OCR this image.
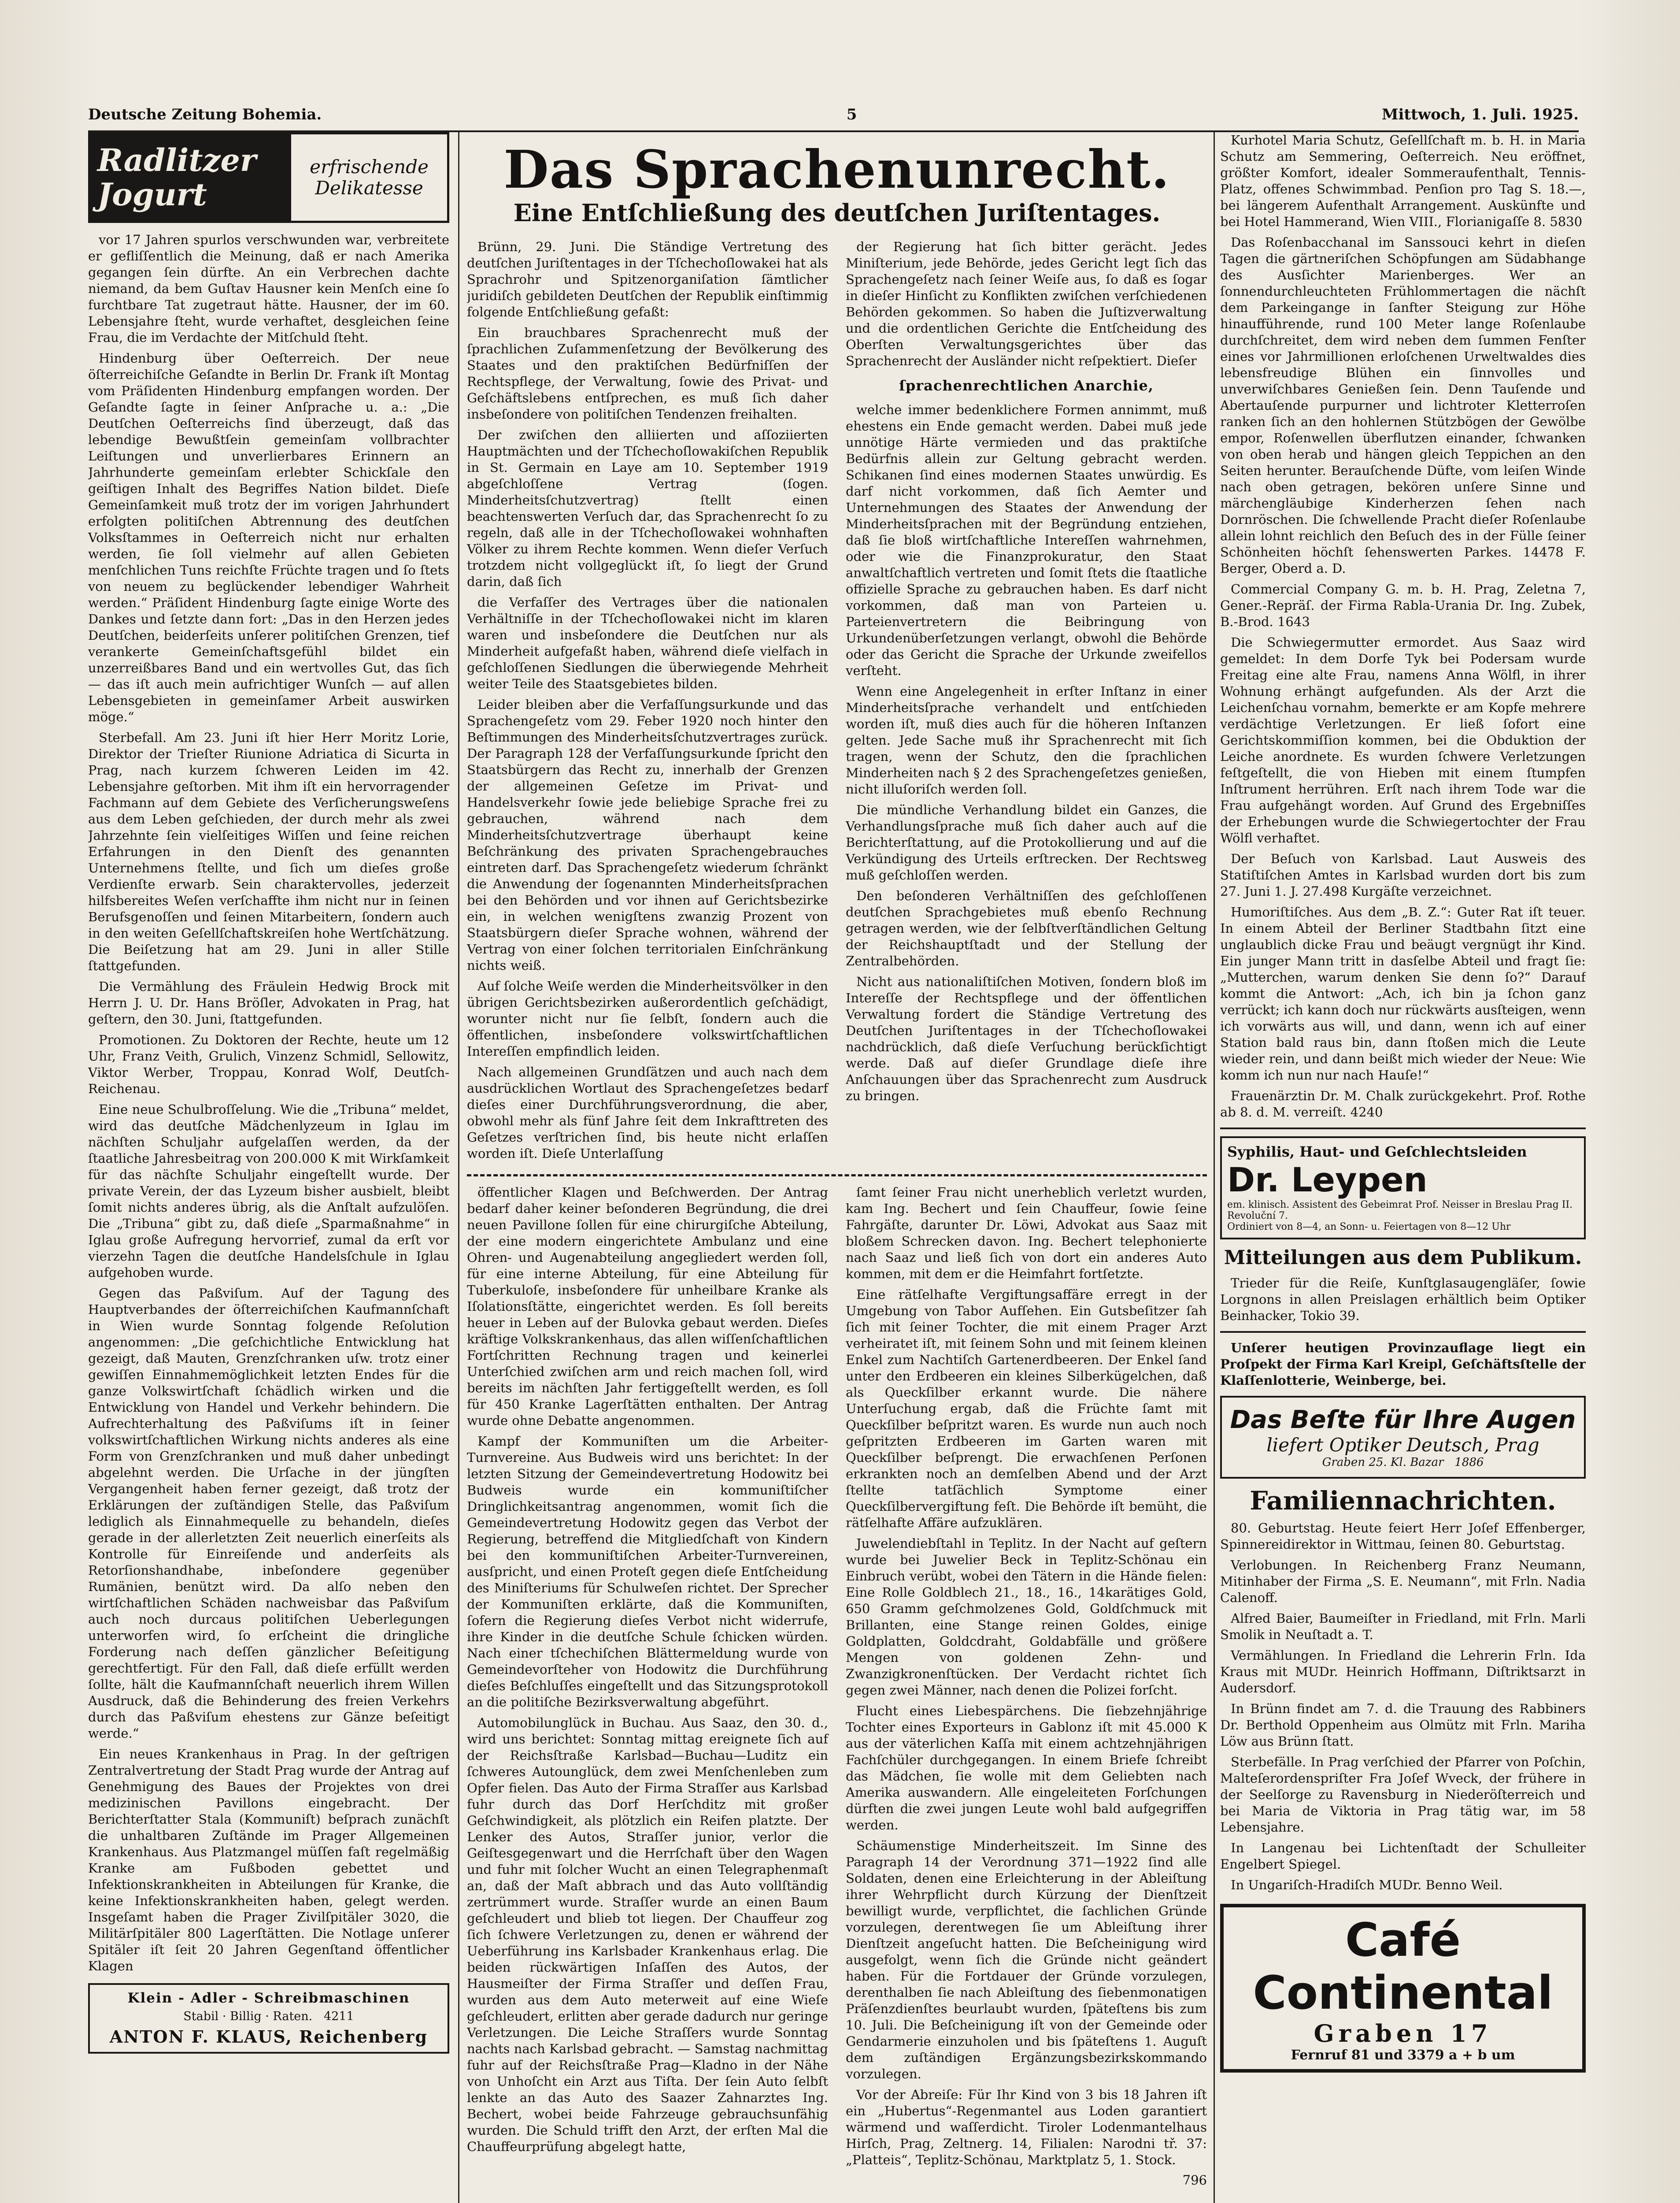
Deutsche Zeitung Bohemia.	5	Mittwoch, 1. Juli. 1925.
Radlitzer
Jogurt
erfrischende
Delikatesse

vor 17 Jahren spurlos verschwunden war, verbreitete er gefliſſentlich die Meinung, daß er nach Amerika gegangen ſein dürfte. An ein Verbrechen dachte niemand, da bem Guſtav Hausner kein Menſch eine ſo furchtbare Tat zugetraut hätte. Hausner, der im 60. Lebensjahre ſteht, wurde verhaftet, desgleichen ſeine Frau, die im Verdachte der Mitſchuld ſteht.

Hindenburg über Oeſterreich. Der neue öſterreichiſche Geſandte in Berlin Dr. Frank iſt Montag vom Präſidenten Hindenburg empfangen worden. Der Geſandte ſagte in ſeiner Anſprache u. a.: „Die Deutſchen Oeſterreichs ſind überzeugt, daß das lebendige Bewußtſein gemeinſam vollbrachter Leiſtungen und unverlierbares Erinnern an Jahrhunderte gemeinſam erlebter Schickſale den geiſtigen Inhalt des Begriffes Nation bildet. Dieſe Gemeinſamkeit muß trotz der im vorigen Jahrhundert erfolgten politiſchen Abtrennung des deutſchen Volksſtammes in Oeſterreich nicht nur erhalten werden, ſie ſoll vielmehr auf allen Gebieten menſchlichen Tuns reichſte Früchte tragen und ſo ſtets von neuem zu beglückender lebendiger Wahrheit werden.“ Präſident Hindenburg ſagte einige Worte des Dankes und ſetzte dann fort: „Das in den Herzen jedes Deutſchen, beiderſeits unſerer politiſchen Grenzen, tief verankerte Gemeinſchaftsgefühl bildet ein unzerreißbares Band und ein wertvolles Gut, das ſich — das iſt auch mein aufrichtiger Wunſch — auf allen Lebensgebieten in gemeinſamer Arbeit auswirken möge.“

Sterbefall. Am 23. Juni iſt hier Herr Moritz Lorie, Direktor der Trieſter Riunione Adriatica di Sicurta in Prag, nach kurzem ſchweren Leiden im 42. Lebensjahre geſtorben. Mit ihm iſt ein hervorragender Fachmann auf dem Gebiete des Verſicherungsweſens aus dem Leben geſchieden, der durch mehr als zwei Jahrzehnte ſein vielſeitiges Wiſſen und ſeine reichen Erfahrungen in den Dienſt des genannten Unternehmens ſtellte, und ſich um dieſes große Verdienſte erwarb. Sein charaktervolles, jederzeit hilfsbereites Weſen verſchaffte ihm nicht nur in ſeinen Berufsgenoſſen und ſeinen Mitarbeitern, ſondern auch in den weiten Geſellſchaftskreiſen hohe Wertſchätzung. Die Beiſetzung hat am 29. Juni in aller Stille ſtattgefunden.

Die Vermählung des Fräulein Hedwig Brock mit Herrn J. U. Dr. Hans Bröſler, Advokaten in Prag, hat geſtern, den 30. Juni, ſtattgefunden.

Promotionen. Zu Doktoren der Rechte, heute um 12 Uhr, Franz Veith, Grulich, Vinzenz Schmidl, Sellowitz, Viktor Werber, Troppau, Konrad Wolf, Deutſch-Reichenau.

Eine neue Schulbroſſelung. Wie die „Tribuna“ meldet, wird das deutſche Mädchenlyzeum in Iglau im nächſten Schuljahr aufgelaſſen werden, da der ſtaatliche Jahresbeitrag von 200.000 K mit Wirkſamkeit für das nächſte Schuljahr eingeſtellt wurde. Der private Verein, der das Lyzeum bisher ausbielt, bleibt ſomit nichts anderes übrig, als die Anſtalt aufzulöſen. Die „Tribuna“ gibt zu, daß dieſe „Sparmaßnahme“ in Iglau große Aufregung hervorrief, zumal da erſt vor vierzehn Tagen die deutſche Handelsſchule in Iglau aufgehoben wurde.

Gegen das Paßviſum. Auf der Tagung des Hauptverbandes der öſterreichiſchen Kaufmannſchaft in Wien wurde Sonntag folgende Reſolution angenommen: „Die geſchichtliche Entwicklung hat gezeigt, daß Mauten, Grenzſchranken uſw. trotz einer gewiſſen Einnahmemöglichkeit letzten Endes für die ganze Volkswirtſchaft ſchädlich wirken und die Entwicklung von Handel und Verkehr behindern. Die Aufrechterhaltung des Paßviſums iſt in ſeiner volkswirtſchaftlichen Wirkung nichts anderes als eine Form von Grenzſchranken und muß daher unbedingt abgelehnt werden. Die Urſache in der jüngſten Vergangenheit haben ferner gezeigt, daß trotz der Erklärungen der zuſtändigen Stelle, das Paßviſum lediglich als Einnahmequelle zu behandeln, dieſes gerade in der allerletzten Zeit neuerlich einerſeits als Kontrolle für Einreiſende und anderſeits als Retorſionshandhabe, inbeſondere gegenüber Rumänien, benützt wird. Da alſo neben den wirtſchaftlichen Schäden nachweisbar das Paßviſum auch noch durcaus politiſchen Ueberlegungen unterworfen wird, ſo erſcheint die dringliche Forderung nach deſſen gänzlicher Beſeitigung gerechtfertigt. Für den Fall, daß dieſe erfüllt werden ſollte, hält die Kaufmannſchaft neuerlich ihrem Willen Ausdruck, daß die Behinderung des freien Verkehrs durch das Paßviſum ehestens zur Gänze beſeitigt werde.“

Ein neues Krankenhaus in Prag. In der geſtrigen Zentralvertretung der Stadt Prag wurde der Antrag auf Genehmigung des Baues der Projektes von drei medizinischen Pavillons eingebracht. Der Berichterſtatter Stala (Kommuniſt) beſprach zunächſt die unhaltbaren Zuſtände im Prager Allgemeinen Krankenhaus. Aus Platzmangel müſſen faſt regelmäßig Kranke am Fußboden gebettet und Infektionskrankheiten in Abteilungen für Kranke, die keine Infektionskrankheiten haben, gelegt werden. Insgeſamt haben die Prager Zivilſpitäler 3020, die Militärſpitäler 800 Lagerſtätten. Die Notlage unſerer Spitäler iſt ſeit 20 Jahren Gegenſtand öffentlicher Klagen

Klein - Adler - Schreibmaschinen
Stabil · Billig · Raten. 4211
ANTON F. KLAUS, Reichenberg
Das Sprachenunrecht.
Eine Entſchließung des deutſchen Juriſtentages.

Brünn, 29. Juni. Die Ständige Vertretung des deutſchen Juriſtentages in der Tſchechoſlowakei hat als Sprachrohr und Spitzenorganiſation ſämtlicher juridiſch gebildeten Deutſchen der Republik einſtimmig folgende Entſchließung gefaßt:

Ein brauchbares Sprachenrecht muß der ſprachlichen Zuſammenſetzung der Bevölkerung des Staates und den praktiſchen Bedürfniſſen der Rechtspflege, der Verwaltung, ſowie des Privat- und Geſchäftslebens entſprechen, es muß ſich daher insbeſondere von politiſchen Tendenzen freihalten.

Der zwiſchen den alliierten und aſſoziierten Hauptmächten und der Tſchechoſlowakiſchen Republik in St. Germain en Laye am 10. September 1919 abgeſchloſſene Vertrag (ſogen. Minderheitsſchutzvertrag) ſtellt einen beachtenswerten Verſuch dar, das Sprachenrecht ſo zu regeln, daß alle in der Tſchechoſlowakei wohnhaften Völker zu ihrem Rechte kommen. Wenn dieſer Verſuch trotzdem nicht vollgeglückt iſt, ſo liegt der Grund darin, daß ſich

die Verfaſſer des Vertrages über die nationalen Verhältniſſe in der Tſchechoſlowakei nicht im klaren waren und insbeſondere die Deutſchen nur als Minderheit aufgefaßt haben, während dieſe vielfach in geſchloſſenen Siedlungen die überwiegende Mehrheit weiter Teile des Staatsgebietes bilden.

Leider bleiben aber die Verfaſſungsurkunde und das Sprachengeſetz vom 29. Feber 1920 noch hinter den Beſtimmungen des Minderheitsſchutzvertrages zurück. Der Paragraph 128 der Verfaſſungsurkunde ſpricht den Staatsbürgern das Recht zu, innerhalb der Grenzen der allgemeinen Geſetze im Privat- und Handelsverkehr ſowie jede beliebige Sprache frei zu gebrauchen, während nach dem Minderheitsſchutzvertrage überhaupt keine Beſchränkung des privaten Sprachengebrauches eintreten darf. Das Sprachengeſetz wiederum ſchränkt die Anwendung der ſogenannten Minderheitsſprachen bei den Behörden und vor ihnen auf Gerichtsbezirke ein, in welchen wenigſtens zwanzig Prozent von Staatsbürgern dieſer Sprache wohnen, während der Vertrag von einer ſolchen territorialen Einſchränkung nichts weiß.

Auf ſolche Weiſe werden die Minderheitsvölker in den übrigen Gerichtsbezirken außerordentlich geſchädigt, worunter nicht nur ſie ſelbſt, ſondern auch die öffentlichen, insbeſondere volkswirtſchaftlichen Intereſſen empfindlich leiden.

Nach allgemeinen Grundſätzen und auch nach dem ausdrücklichen Wortlaut des Sprachengeſetzes bedarf dieſes einer Durchführungsverordnung, die aber, obwohl mehr als fünf Jahre ſeit dem Inkrafttreten des Geſetzes verſtrichen ſind, bis heute nicht erlaſſen worden iſt. Dieſe Unterlaſſung

der Regierung hat ſich bitter gerächt. Jedes Miniſterium, jede Behörde, jedes Gericht legt ſich das Sprachengeſetz nach ſeiner Weiſe aus, ſo daß es ſogar in dieſer Hinſicht zu Konflikten zwiſchen verſchiedenen Behörden gekommen. So haben die Juſtizverwaltung und die ordentlichen Gerichte die Entſcheidung des Oberſten Verwaltungsgerichtes über das Sprachenrecht der Ausländer nicht reſpektiert. Dieſer

ſprachenrechtlichen Anarchie,

welche immer bedenklichere Formen annimmt, muß ehestens ein Ende gemacht werden. Dabei muß jede unnötige Härte vermieden und das praktiſche Bedürfnis allein zur Geltung gebracht werden. Schikanen ſind eines modernen Staates unwürdig. Es darf nicht vorkommen, daß ſich Aemter und Unternehmungen des Staates der Anwendung der Minderheitsſprachen mit der Begründung entziehen, daß ſie bloß wirtſchaftliche Intereſſen wahrnehmen, oder wie die Finanzprokuratur, den Staat anwaltſchaftlich vertreten und ſomit ſtets die ſtaatliche offizielle Sprache zu gebrauchen haben. Es darf nicht vorkommen, daß man von Parteien u. Parteienvertretern die Beibringung von Urkundenüberſetzungen verlangt, obwohl die Behörde oder das Gericht die Sprache der Urkunde zweifellos verſteht.

Wenn eine Angelegenheit in erſter Inſtanz in einer Minderheitsſprache verhandelt und entſchieden worden iſt, muß dies auch für die höheren Inſtanzen gelten. Jede Sache muß ihr Sprachenrecht mit ſich tragen, wenn der Schutz, den die ſprachlichen Minderheiten nach § 2 des Sprachengeſetzes genießen, nicht illuſoriſch werden ſoll.

Die mündliche Verhandlung bildet ein Ganzes, die Verhandlungsſprache muß ſich daher auch auf die Berichterſtattung, auf die Protokollierung und auf die Verkündigung des Urteils erſtrecken. Der Rechtsweg muß geſchloſſen werden.

Den beſonderen Verhältniſſen des geſchloſſenen deutſchen Sprachgebietes muß ebenſo Rechnung getragen werden, wie der ſelbſtverſtändlichen Geltung der Reichshauptſtadt und der Stellung der Zentralbehörden.

Nicht aus nationaliſtiſchen Motiven, ſondern bloß im Intereſſe der Rechtspflege und der öffentlichen Verwaltung fordert die Ständige Vertretung des Deutſchen Juriſtentages in der Tſchechoſlowakei nachdrücklich, daß dieſe Verſuchung berückſichtigt werde. Daß auf dieſer Grundlage dieſe ihre Anſchauungen über das Sprachenrecht zum Ausdruck zu bringen.

öffentlicher Klagen und Beſchwerden. Der Antrag bedarf daher keiner beſonderen Begründung, die drei neuen Pavillone ſollen für eine chirurgiſche Abteilung, der eine modern eingerichtete Ambulanz und eine Ohren- und Augenabteilung angegliedert werden ſoll, für eine interne Abteilung, für eine Abteilung für Tuberkuloſe, insbeſondere für unheilbare Kranke als Iſolationsſtätte, eingerichtet werden. Es ſoll bereits heuer in Leben auf der Bulovka gebaut werden. Dieſes kräftige Volkskrankenhaus, das allen wiſſenſchaftlichen Fortſchritten Rechnung tragen und keinerlei Unterſchied zwiſchen arm und reich machen ſoll, wird bereits im nächſten Jahr fertiggeſtellt werden, es ſoll für 450 Kranke Lagerſtätten enthalten. Der Antrag wurde ohne Debatte angenommen.

Kampf der Kommuniſten um die Arbeiter-Turnvereine. Aus Budweis wird uns berichtet: In der letzten Sitzung der Gemeindevertretung Hodowitz bei Budweis wurde ein kommuniſtiſcher Dringlichkeitsantrag angenommen, womit ſich die Gemeindevertretung Hodowitz gegen das Verbot der Regierung, betreffend die Mitgliedſchaft von Kindern bei den kommuniſtiſchen Arbeiter-Turnvereinen, ausſpricht, und einen Proteſt gegen dieſe Entſcheidung des Miniſteriums für Schulweſen richtet. Der Sprecher der Kommuniſten erklärte, daß die Kommuniſten, ſofern die Regierung dieſes Verbot nicht widerrufe, ihre Kinder in die deutſche Schule ſchicken würden. Nach einer tſchechiſchen Blättermeldung wurde von Gemeindevorſteher von Hodowitz die Durchführung dieſes Beſchluſſes eingeſtellt und das Sitzungsprotokoll an die politiſche Bezirksverwaltung abgeführt.

Automobilunglück in Buchau. Aus Saaz, den 30. d., wird uns berichtet: Sonntag mittag ereignete ſich auf der Reichsſtraße Karlsbad—Buchau—Luditz ein ſchweres Autounglück, dem zwei Menſchenleben zum Opfer fielen. Das Auto der Firma Straſſer aus Karlsbad fuhr durch das Dorf Herſchditz mit großer Geſchwindigkeit, als plötzlich ein Reifen platzte. Der Lenker des Autos, Straſſer junior, verlor die Geiſtesgegenwart und die Herrſchaft über den Wagen und fuhr mit ſolcher Wucht an einen Telegraphenmaſt an, daß der Maſt abbrach und das Auto vollſtändig zertrümmert wurde. Straſſer wurde an einen Baum geſchleudert und blieb tot liegen. Der Chauffeur zog ſich ſchwere Verletzungen zu, denen er während der Ueberführung ins Karlsbader Krankenhaus erlag. Die beiden rückwärtigen Inſaſſen des Autos, der Hausmeiſter der Firma Straſſer und deſſen Frau, wurden aus dem Auto meterweit auf eine Wieſe geſchleudert, erlitten aber gerade dadurch nur geringe Verletzungen. Die Leiche Straſſers wurde Sonntag nachts nach Karlsbad gebracht. — Samstag nachmittag fuhr auf der Reichsſtraße Prag—Kladno in der Nähe von Unhoſcht ein Arzt aus Tiſta. Der ſein Auto ſelbſt lenkte an das Auto des Saazer Zahnarztes Ing. Bechert, wobei beide Fahrzeuge gebrauchsunfähig wurden. Die Schuld trifft den Arzt, der erſten Mal die Chauffeurprüfung abgelegt hatte,

ſamt ſeiner Frau nicht unerheblich verletzt wurden, kam Ing. Bechert und ſein Chauffeur, ſowie ſeine Fahrgäſte, darunter Dr. Löwi, Advokat aus Saaz mit bloßem Schrecken davon. Ing. Bechert telephonierte nach Saaz und ließ ſich von dort ein anderes Auto kommen, mit dem er die Heimfahrt fortſetzte.

Eine rätſelhafte Vergiftungsaffäre erregt in der Umgebung von Tabor Aufſehen. Ein Gutsbeſitzer ſah ſich mit ſeiner Tochter, die mit einem Prager Arzt verheiratet iſt, mit ſeinem Sohn und mit ſeinem kleinen Enkel zum Nachtiſch Gartenerdbeeren. Der Enkel ſand unter den Erdbeeren ein kleines Silberkügelchen, daß als Queckſilber erkannt wurde. Die nähere Unterſuchung ergab, daß die Früchte ſamt mit Queckſilber beſpritzt waren. Es wurde nun auch noch geſpritzten Erdbeeren im Garten waren mit Queckſilber beſprengt. Die erwachſenen Perſonen erkrankten noch an demſelben Abend und der Arzt ſtellte tatſächlich Symptome einer Queckſilbervergiftung feſt. Die Behörde iſt bemüht, die rätſelhafte Affäre aufzuklären.

Juwelendiebſtahl in Teplitz. In der Nacht auf geſtern wurde bei Juwelier Beck in Teplitz-Schönau ein Einbruch verübt, wobei den Tätern in die Hände fielen: Eine Rolle Goldblech 21., 18., 16., 14karätiges Gold, 650 Gramm geſchmolzenes Gold, Goldſchmuck mit Brillanten, eine Stange reinen Goldes, einige Goldplatten, Goldcdraht, Goldabfälle und größere Mengen von goldenen Zehn- und Zwanzigkronenſtücken. Der Verdacht richtet ſich gegen zwei Männer, nach denen die Polizei forſcht.

Flucht eines Liebespärchens. Die ſiebzehnjährige Tochter eines Exporteurs in Gablonz iſt mit 45.000 K aus der väterlichen Kaſſa mit einem achtzehnjährigen Fachſchüler durchgegangen. In einem Briefe ſchreibt das Mädchen, ſie wolle mit dem Geliebten nach Amerika auswandern. Alle eingeleiteten Forſchungen dürften die zwei jungen Leute wohl bald aufgegriffen werden.

Schäumenstige Minderheitszeit. Im Sinne des Paragraph 14 der Verordnung 371—1922 ſind alle Soldaten, denen eine Erleichterung in der Ableiſtung ihrer Wehrpflicht durch Kürzung der Dienſtzeit bewilligt wurde, verpflichtet, die ſachlichen Gründe vorzulegen, derentwegen ſie um Ableiſtung ihrer Dienſtzeit angeſucht hatten. Die Beſcheinigung wird ausgefolgt, wenn ſich die Gründe nicht geändert haben. Für die Fortdauer der Gründe vorzulegen, derenthalben ſie nach Ableiſtung des ſiebenmonatigen Präſenzdienſtes beurlaubt wurden, ſpäteſtens bis zum 10. Juli. Die Beſcheinigung iſt von der Gemeinde oder Gendarmerie einzuholen und bis ſpäteſtens 1. Auguſt dem zuſtändigen Ergänzungsbezirkskommando vorzulegen.

Vor der Abreiſe: Für Ihr Kind von 3 bis 18 Jahren iſt ein „Hubertus“-Regenmantel aus Loden garantiert wärmend und waſſerdicht. Tiroler Lodenmantelhaus Hirſch, Prag, Zeltnerg. 14, Filialen: Narodni tř. 37: „Platteis“, Teplitz-Schönau, Marktplatz 5, 1. Stock.

796

Kurhotel Maria Schutz, Geſellſchaft m. b. H. in Maria Schutz am Semmering, Oeſterreich. Neu eröffnet, größter Komfort, idealer Sommeraufenthalt, Tennis-Platz, offenes Schwimmbad. Penſion pro Tag S. 18.—, bei längerem Aufenthalt Arrangement. Auskünfte und bei Hotel Hammerand, Wien VIII., Florianigaſſe 8. 5830

Das Roſenbacchanal im Sanssouci kehrt in dieſen Tagen die gärtneriſchen Schöpfungen am Südabhange des Ausſichter Marienberges. Wer an ſonnendurchleuchteten Frühlommertagen die nächſt dem Parkeingange in ſanfter Steigung zur Höhe hinaufführende, rund 100 Meter lange Roſenlaube durchſchreitet, dem wird neben dem ſummen Fenſter eines vor Jahrmillionen erloſchenen Urweltwaldes dies lebensfreudige Blühen ein ſinnvolles und unverwiſchbares Genießen ſein. Denn Tauſende und Abertauſende purpurner und lichtroter Kletterroſen ranken ſich an den hohlernen Stützbögen der Gewölbe empor, Roſenwellen überflutzen einander, ſchwanken von oben herab und hängen gleich Teppichen an den Seiten herunter. Berauſchende Düfte, vom leiſen Winde nach oben getragen, bekören unſere Sinne und märchengläubige Kinderherzen ſehen nach Dornröschen. Die ſchwellende Pracht dieſer Roſenlaube allein lohnt reichlich den Beſuch des in der Fülle ſeiner Schönheiten höchſt ſehenswerten Parkes. 14478 F. Berger, Oberd a. D.

Commercial Company G. m. b. H. Prag, Zeletna 7, Gener.-Repräſ. der Firma Rabla-Urania Dr. Ing. Zubek, B.-Brod. 1643

Die Schwiegermutter ermordet. Aus Saaz wird gemeldet: In dem Dorfe Tyk bei Podersam wurde Freitag eine alte Frau, namens Anna Wölfl, in ihrer Wohnung erhängt aufgefunden. Als der Arzt die Leichenſchau vornahm, bemerkte er am Kopfe mehrere verdächtige Verletzungen. Er ließ ſofort eine Gerichtskommiſſion kommen, bei die Obduktion der Leiche anordnete. Es wurden ſchwere Verletzungen feſtgeſtellt, die von Hieben mit einem ſtumpfen Inſtrument herrühren. Erſt nach ihrem Tode war die Frau aufgehängt worden. Auf Grund des Ergebniſſes der Erhebungen wurde die Schwiegertochter der Frau Wölfl verhaftet.

Der Beſuch von Karlsbad. Laut Ausweis des Statiſtiſchen Amtes in Karlsbad wurden dort bis zum 27. Juni 1. J. 27.498 Kurgäſte verzeichnet.

Humoriſtiſches. Aus dem „B. Z.“: Guter Rat iſt teuer. In einem Abteil der Berliner Stadtbahn ſitzt eine unglaublich dicke Frau und beäugt vergnügt ihr Kind. Ein junger Mann tritt in dasſelbe Abteil und fragt ſie: „Mutterchen, warum denken Sie denn ſo?“ Darauf kommt die Antwort: „Ach, ich bin ja ſchon ganz verrückt; ich kann doch nur rückwärts ausſteigen, wenn ich vorwärts aus will, und dann, wenn ich auf einer Station bald raus bin, dann ſtoßen mich die Leute wieder rein, und dann beißt mich wieder der Neue: Wie komm ich nun nur nach Hauſe!“

Frauenärztin Dr. M. Chalk zurückgekehrt. Prof. Rothe ab 8. d. M. verreiſt. 4240

Syphilis, Haut- und Geſchlechtsleiden
Dr. Leypen
em. klinisch. Assistent des Gebeimrat Prof. Neisser in Breslau Prag II. Revoluční 7.
Ordiniert von 8—4, an Sonn- u. Feiertagen von 8—12 Uhr
Mitteilungen aus dem Publikum.

Trieder für die Reiſe, Kunſtglasaugengläſer, ſowie Lorgnons in allen Preislagen erhältlich beim Optiker Beinhacker, Tokio 39.

Unſerer heutigen Provinzauflage liegt ein Proſpekt der Firma Karl Kreipl, Geſchäftsſtelle der Klaſſenlotterie, Weinberge, bei.

Das Beſte für Ihre Augen
liefert Optiker Deutsch, Prag
Graben 25. Kl. Bazar 1886
Familiennachrichten.

80. Geburtstag. Heute feiert Herr Joſef Effenberger, Spinnereidirektor in Wittmau, ſeinen 80. Geburtstag.

Verlobungen. In Reichenberg Franz Neumann, Mitinhaber der Firma „S. E. Neumann“, mit Frln. Nadia Calenoff.

Alfred Baier, Baumeiſter in Friedland, mit Frln. Marli Smolik in Neuſtadt a. T.

Vermählungen. In Friedland die Lehrerin Frln. Ida Kraus mit MUDr. Heinrich Hoffmann, Diſtriktsarzt in Audersdorf.

In Brünn findet am 7. d. die Trauung des Rabbiners Dr. Berthold Oppenheim aus Olmütz mit Frln. Mariha Löw aus Brünn ſtatt.

Sterbefälle. In Prag verſchied der Pfarrer von Poſchin, Malteſerordenspriſter Fra Joſef Wveck, der frühere in der Seelſorge zu Ravensburg in Niederöſterreich und bei Maria de Viktoria in Prag tätig war, im 58 Lebensjahre.

In Langenau bei Lichtenſtadt der Schulleiter Engelbert Spiegel.

In Ungariſch-Hradiſch MUDr. Benno Weil.

Café Continental
Graben 17
Fernruf 81 und 3379 a + b um
